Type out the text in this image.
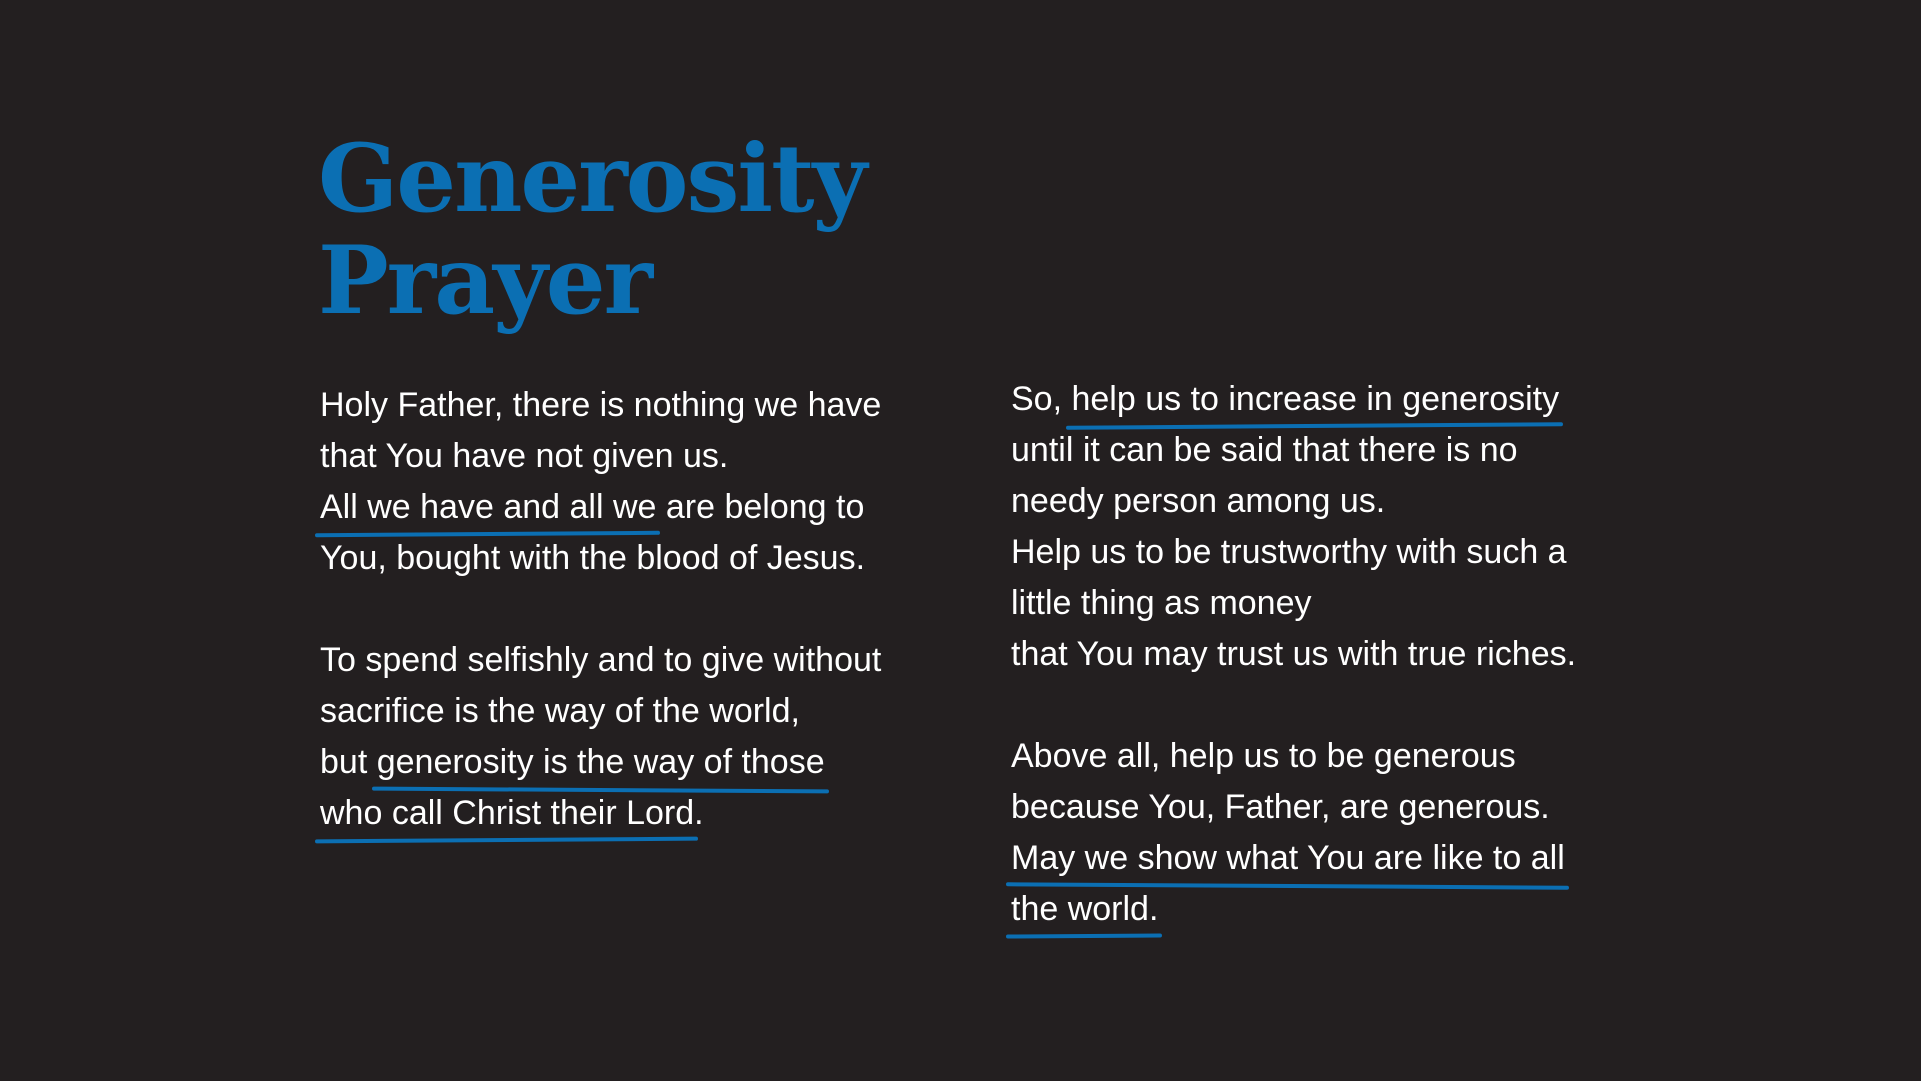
Generosity
Prayer
Holy Father, there is nothing we have
that You have not given us.
All we have and all we are belong to
You, bought with the blood of Jesus.
To spend selfishly and to give without
sacrifice is the way of the world,
but generosity is the way of those
who call Christ their Lord.
So, help us to increase in generosity
until it can be said that there is no
needy person among us.
Help us to be trustworthy with such a
little thing as money
that You may trust us with true riches.
Above all, help us to be generous
because You, Father, are generous.
May we show what You are like to all
the world.
